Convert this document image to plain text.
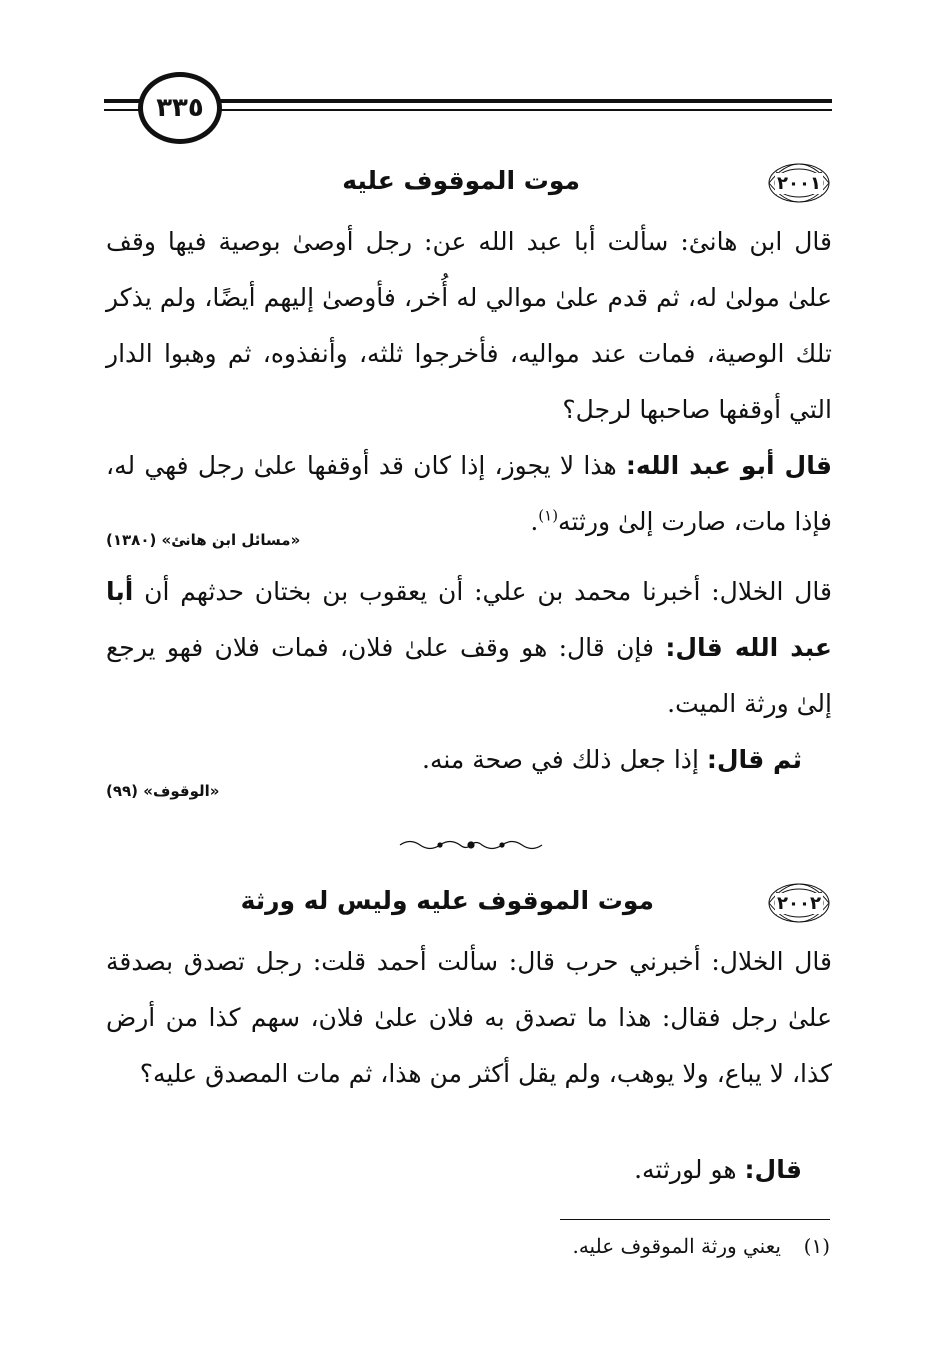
٣٣٥
٢٠٠١
موت الموقوف عليه
قال ابن هانئ: سألت أبا عبد الله عن: رجل أوصىٰ بوصية فيها وقف علىٰ مولىٰ له، ثم قدم علىٰ موالي له أُخر، فأوصىٰ إليهم أيضًا، ولم يذكر تلك الوصية، فمات عند مواليه، فأخرجوا ثلثه، وأنفذوه، ثم وهبوا الدار التي أوقفها صاحبها لرجل؟
قال أبو عبد الله: هذا لا يجوز، إذا كان قد أوقفها علىٰ رجل فهي له، فإذا مات، صارت إلىٰ ورثته$^{(١)}$.
«مسائل ابن هانئ» (١٣٨٠)
قال الخلال: أخبرنا محمد بن علي: أن يعقوب بن بختان حدثهم أن أبا عبد الله قال: فإن قال: هو وقف علىٰ فلان، فمات فلان فهو يرجع إلىٰ ورثة الميت.
ثم قال: إذا جعل ذلك في صحة منه.
«الوقوف» (٩٩)
٢٠٠٢
موت الموقوف عليه وليس له ورثة
قال الخلال: أخبرني حرب قال: سألت أحمد قلت: رجل تصدق بصدقة علىٰ رجل فقال: هذا ما تصدق به فلان علىٰ فلان، سهم كذا من أرض كذا، لا يباع، ولا يوهب، ولم يقل أكثر من هذا، ثم مات المصدق عليه؟
قال: هو لورثته.
(١)  يعني ورثة الموقوف عليه.
